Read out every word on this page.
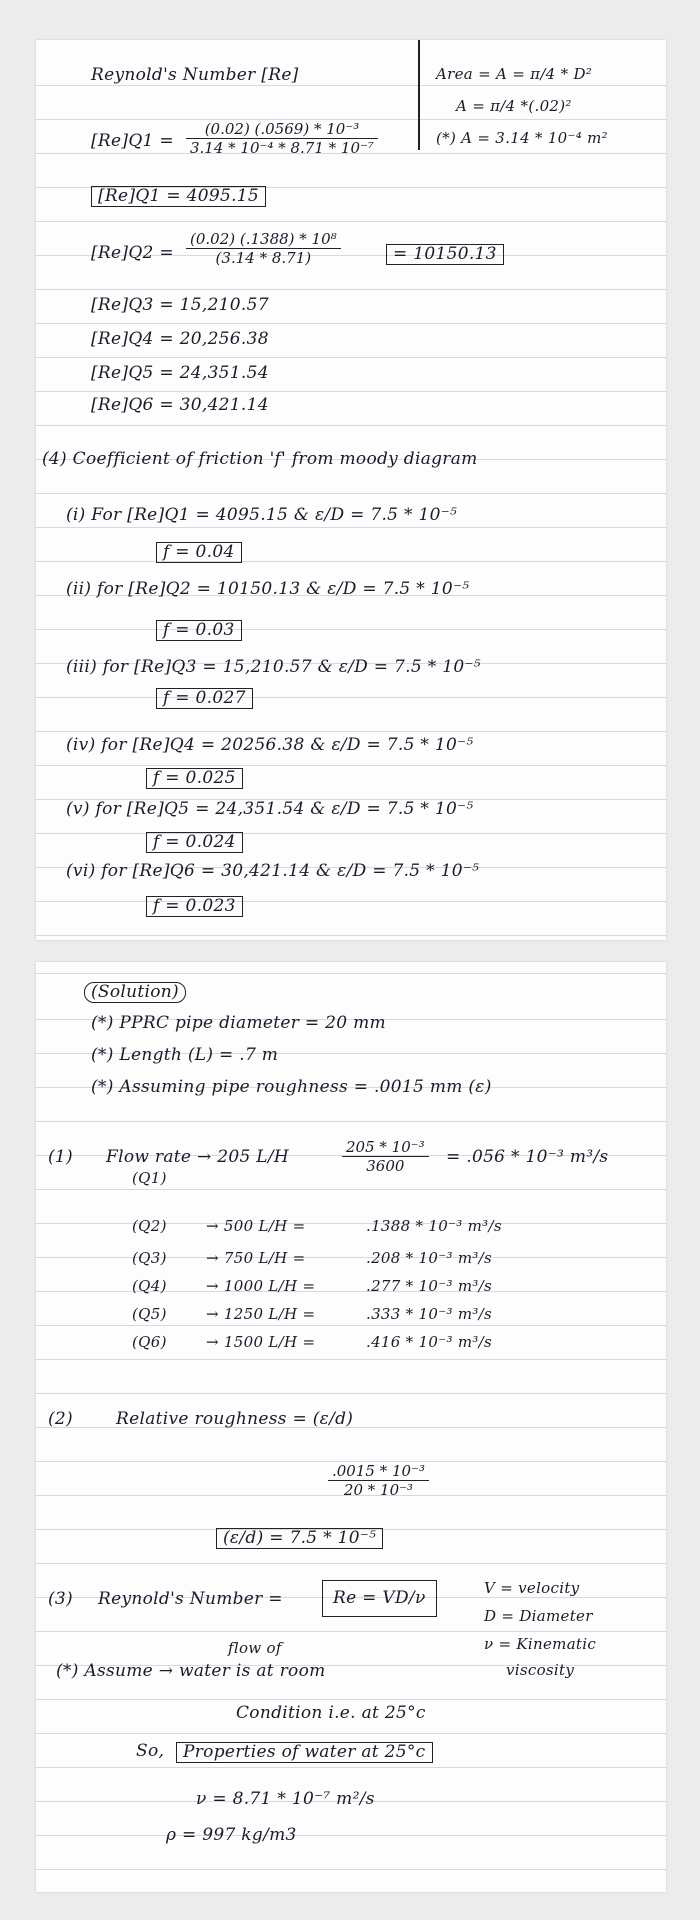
Reynold's Number [Re]
$[Re]Q1 = \frac{\text{(0.02) (.0569) * 10⁻³}}{\text{3.14 * 10⁻⁴ * 8.71 * 10⁻⁷}}$
Area = A = π/4 * D²
A = π/4 *(.02)²
(*) A = 3.14 * 10⁻⁴ m²
[Re]Q1 = 4095.15
$[Re]Q2 = \frac{\text{(0.02) (.1388) * 10⁸}}{(3.14 * 8.71)}$	= 10150.13
[Re]Q3 = 15,210.57
[Re]Q4 = 20,256.38
[Re]Q5 = 24,351.54
[Re]Q6 = 30,421.14
(4) Coefficient of friction 'f' from moody diagram
(i) For [Re]Q1 = 4095.15 & ε/D = 7.5 * 10⁻⁵
f = 0.04
(ii) for [Re]Q2 = 10150.13 & ε/D = 7.5 * 10⁻⁵
f = 0.03
(iii) for [Re]Q3 = 15,210.57 & ε/D = 7.5 * 10⁻⁵
f = 0.027
(iv) for [Re]Q4 = 20256.38 & ε/D = 7.5 * 10⁻⁵
f = 0.025
(v) for [Re]Q5 = 24,351.54 & ε/D = 7.5 * 10⁻⁵
f = 0.024
(vi) for [Re]Q6 = 30,421.14 & ε/D = 7.5 * 10⁻⁵
f = 0.023
(Solution)
(*) PPRC pipe diameter = 20 mm
(*) Length (L) = .7 m
(*) Assuming pipe roughness = .0015 mm (ε)
(1) Flow rate → 205 L/H
(Q1)
$\frac{\text{205 * 10⁻³}}{3600} = .056 * 10^{-3}$ m³/s
(Q2)	→ 500 L/H =	.1388 * 10⁻³ m³/s
(Q3)	→ 750 L/H =	.208 * 10⁻³ m³/s
(Q4)	→ 1000 L/H =	.277 * 10⁻³ m³/s
(Q5)	→ 1250 L/H =	.333 * 10⁻³ m³/s
(Q6)	→ 1500 L/H =	.416 * 10⁻³ m³/s
(2)	Relative roughness = (ε/d)
$\frac{\text{.0015 * 10⁻³}}{\text{20 * 10⁻³}}$
(ε/d) = 7.5 * 10⁻⁵
(3) Reynold's Number =	Re = VD/ν	V = velocity
D = Diameter
ν = Kinematic
viscosity
flow of
(*) Assume → water is at room
Condition i.e. at 25°c
So,	Properties of water at 25°c
ν = 8.71 * 10⁻⁷ m²/s
ρ = 997 kg/m3
